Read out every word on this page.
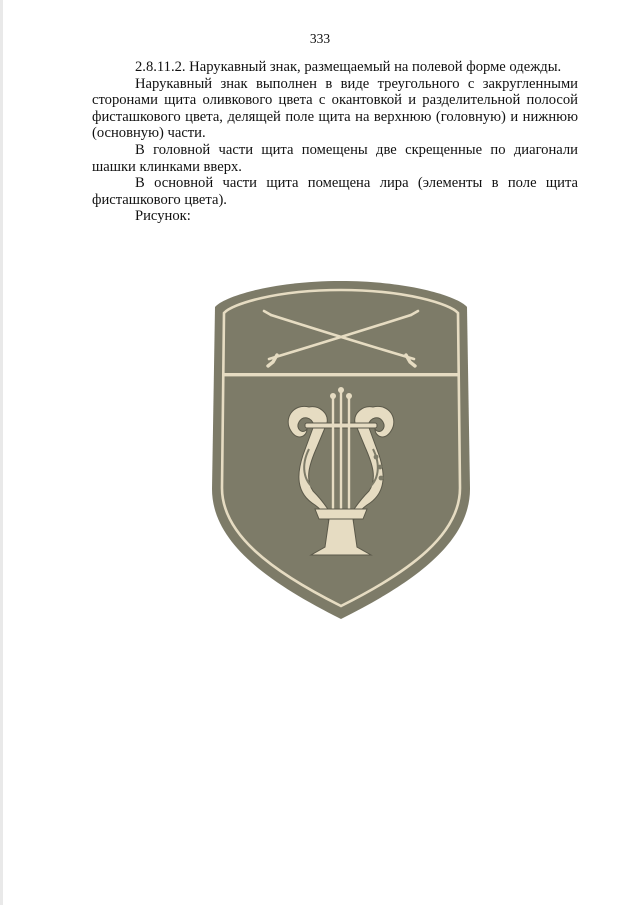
333

2.8.11.2. Нарукавный знак, размещаемый на полевой форме одежды.

Нарукавный знак выполнен в виде треугольного с закругленными сторонами щита оливкового цвета с окантовкой и разделительной полосой фисташкового цвета, делящей поле щита на верхнюю (головную) и нижнюю (основную) части.

В головной части щита помещены две скрещенные по диагонали шашки клинками вверх.

В основной части щита помещена лира (элементы в поле щита фисташкового цвета).

Рисунок:
